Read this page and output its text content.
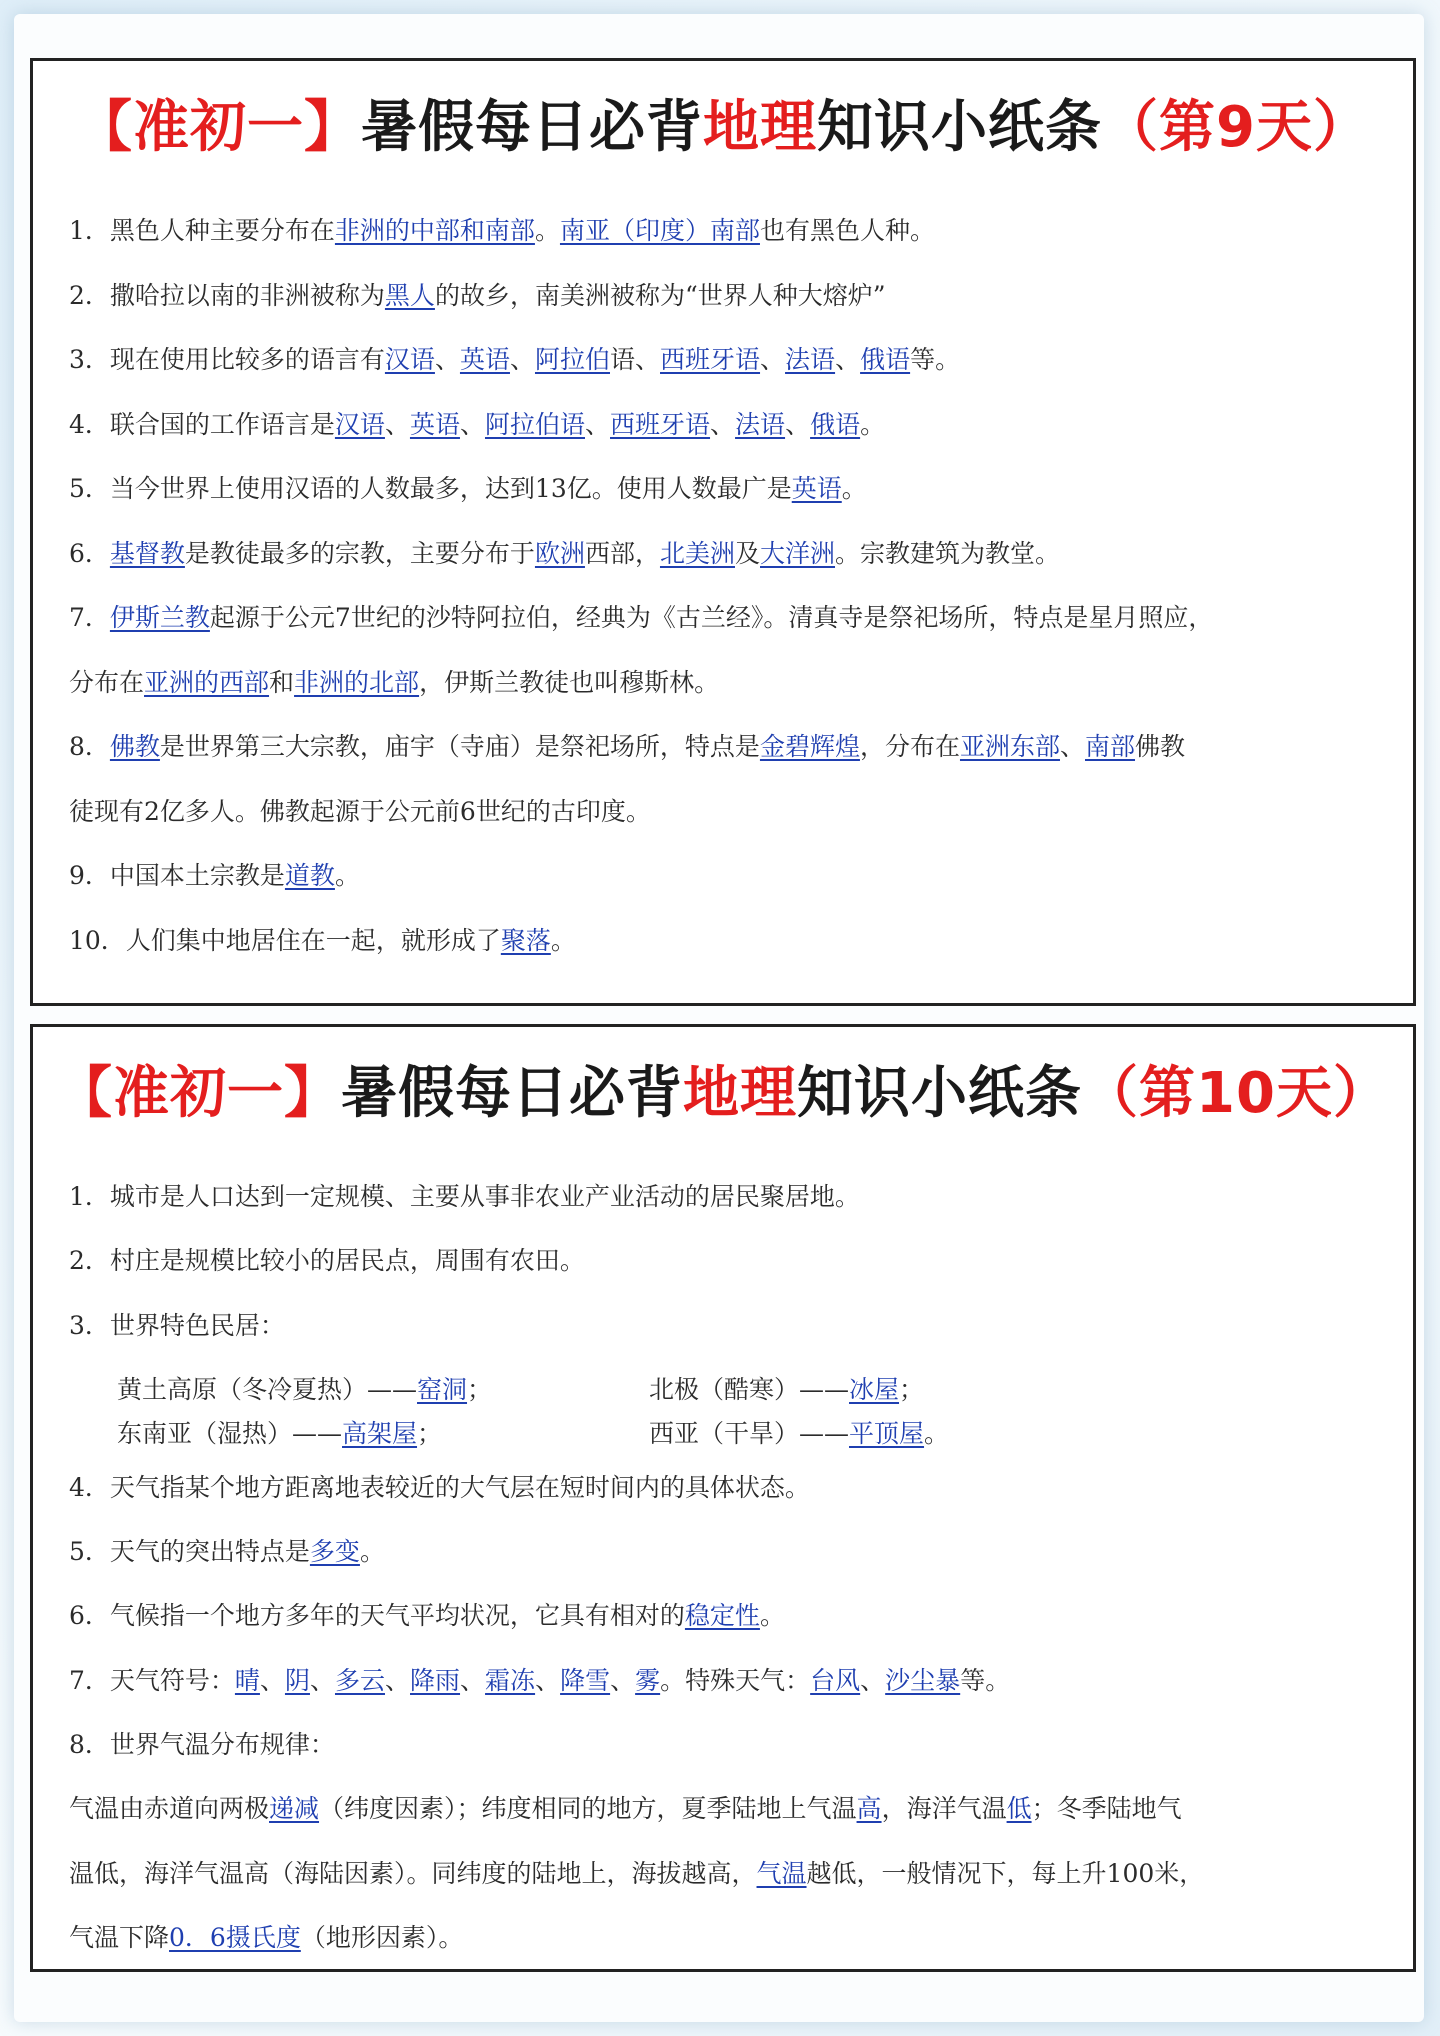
【准初一】暑假每日必背地理知识小纸条（第9天）
1．黑色人种主要分布在非洲的中部和南部。南亚（印度）南部也有黑色人种。
2．撒哈拉以南的非洲被称为黑人的故乡，南美洲被称为“世界人种大熔炉”
3．现在使用比较多的语言有汉语、英语、阿拉伯语、西班牙语、法语、俄语等。
4．联合国的工作语言是汉语、英语、阿拉伯语、西班牙语、法语、俄语。
5．当今世界上使用汉语的人数最多，达到13亿。使用人数最广是英语。
6．基督教是教徒最多的宗教，主要分布于欧洲西部，北美洲及大洋洲。宗教建筑为教堂。
7．伊斯兰教起源于公元7世纪的沙特阿拉伯，经典为《古兰经》。清真寺是祭祀场所，特点是星月照应，
分布在亚洲的西部和非洲的北部，伊斯兰教徒也叫穆斯林。
8．佛教是世界第三大宗教，庙宇（寺庙）是祭祀场所，特点是金碧辉煌，分布在亚洲东部、南部佛教
徒现有2亿多人。佛教起源于公元前6世纪的古印度。
9．中国本土宗教是道教。
10．人们集中地居住在一起，就形成了聚落。
【准初一】暑假每日必背地理知识小纸条（第10天）
1．城市是人口达到一定规模、主要从事非农业产业活动的居民聚居地。
2．村庄是规模比较小的居民点，周围有农田。
3．世界特色民居：
黄土高原（冬冷夏热）——窑洞；	北极（酷寒）——冰屋；
东南亚（湿热）——高架屋；	西亚（干旱）——平顶屋。
4．天气指某个地方距离地表较近的大气层在短时间内的具体状态。
5．天气的突出特点是多变。
6．气候指一个地方多年的天气平均状况，它具有相对的稳定性。
7．天气符号：晴、阴、多云、降雨、霜冻、降雪、雾。特殊天气：台风、沙尘暴等。
8．世界气温分布规律：
气温由赤道向两极递减（纬度因素）；纬度相同的地方，夏季陆地上气温高，海洋气温低；冬季陆地气
温低，海洋气温高（海陆因素）。同纬度的陆地上，海拔越高，气温越低，一般情况下，每上升100米，
气温下降0．6摄氏度（地形因素）。
